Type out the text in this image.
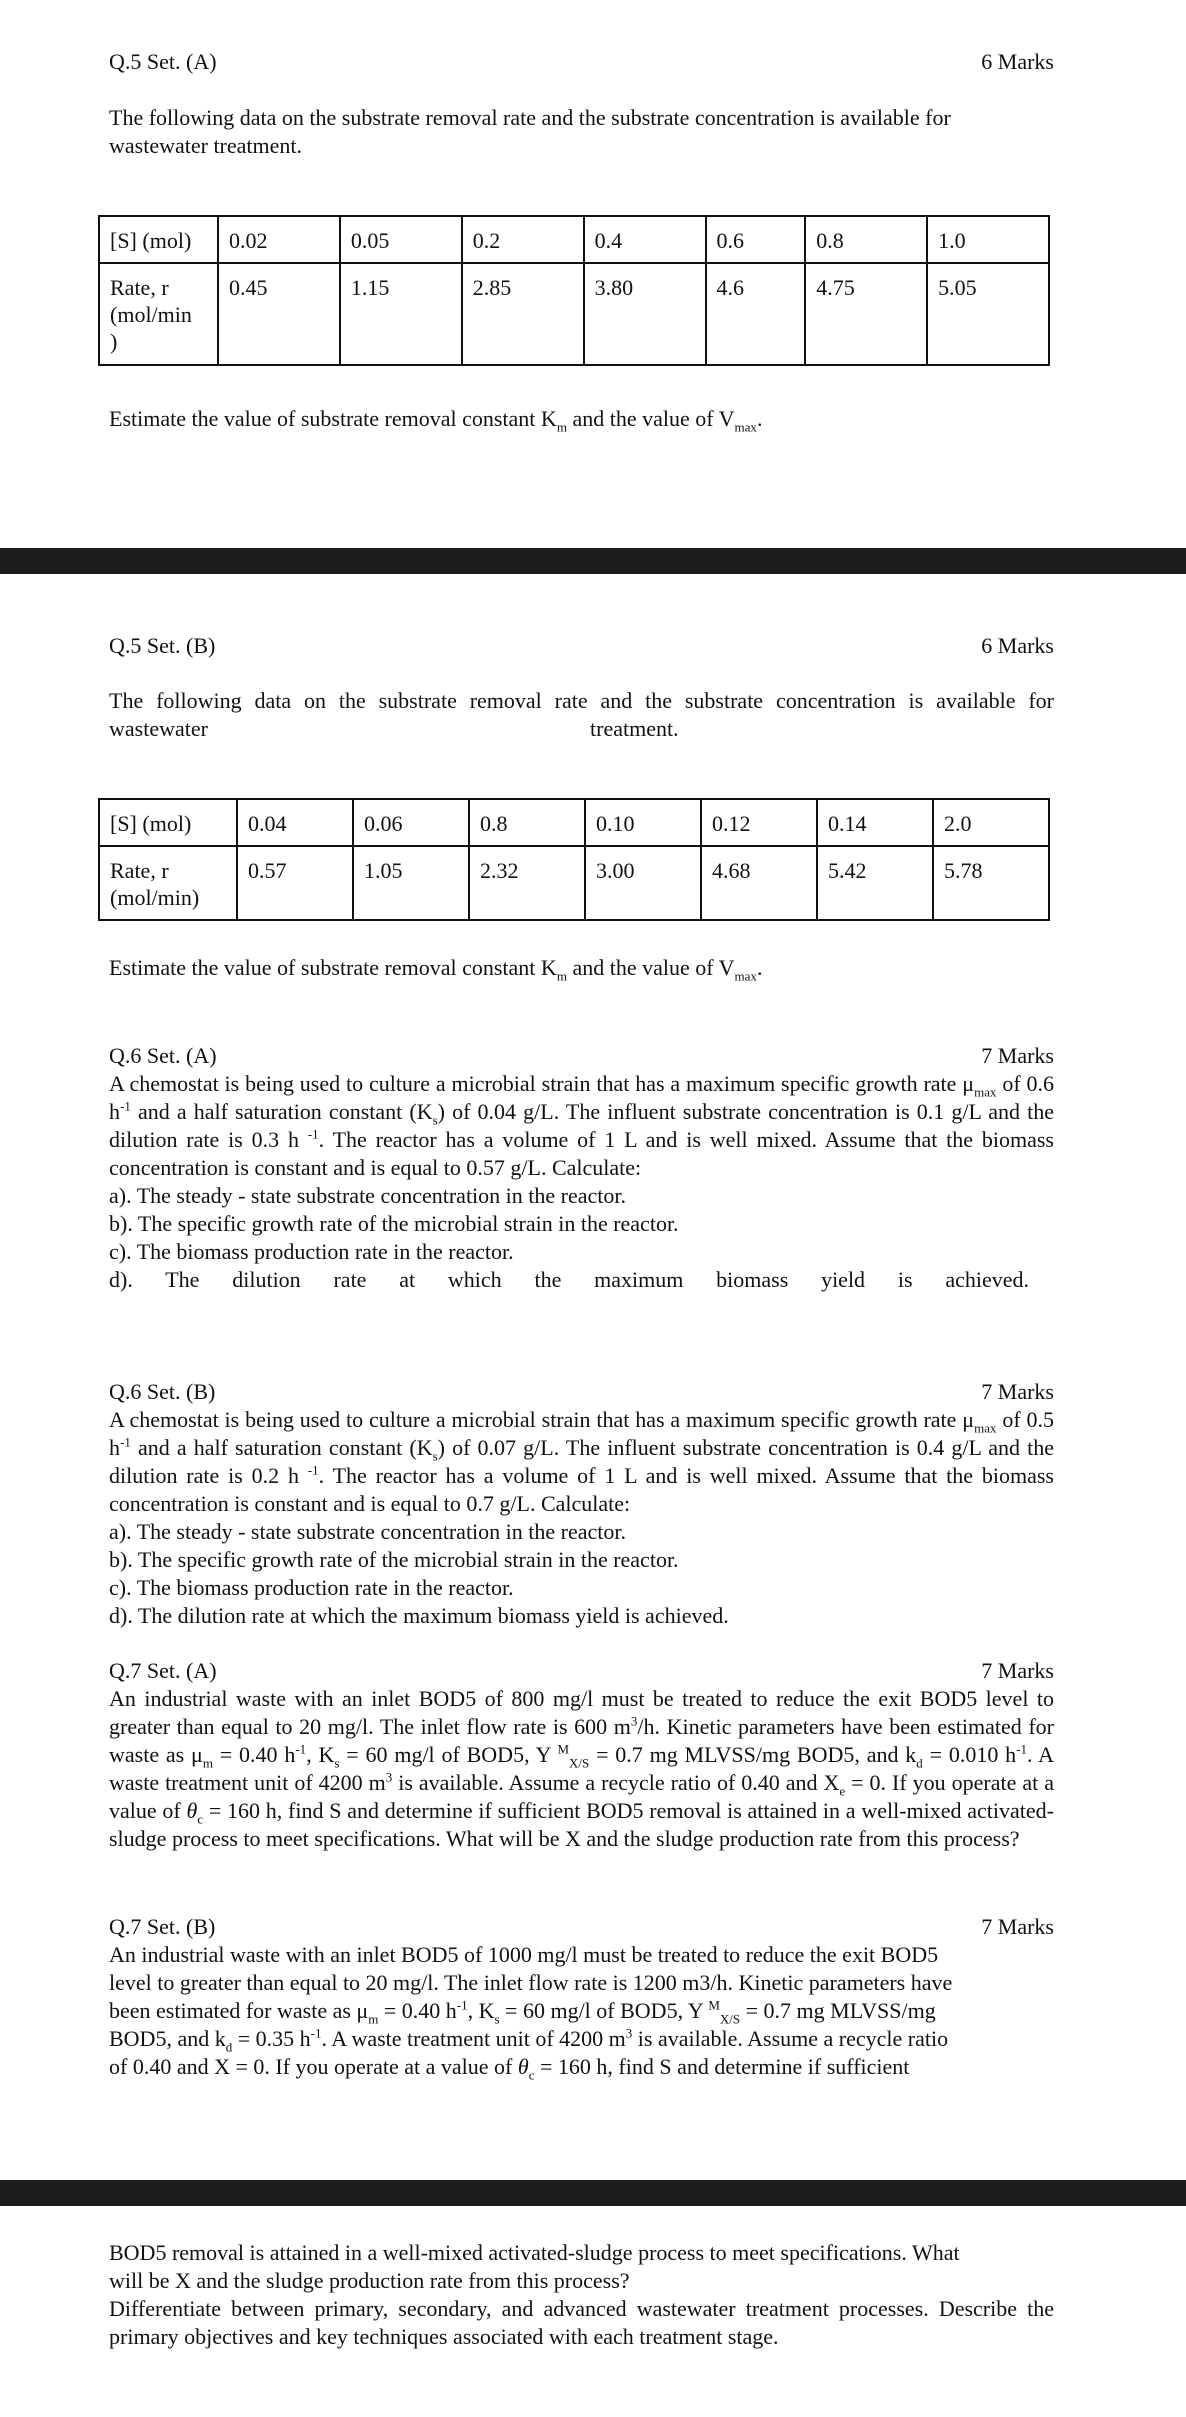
Q.5 Set. (A)	6 Marks
The following data on the substrate removal rate and the substrate concentration is available for wastewater treatment.
[S] (mol)	0.02	0.05	0.2	0.4	0.6	0.8	1.0
Rate, r
(mol/min
)	0.45	1.15	2.85	3.80	4.6	4.75	5.05
Estimate the value of substrate removal constant $K_m$ and the value of $V_{max}$.
Q.5 Set. (B)	6 Marks
The following data on the substrate removal rate and the substrate concentration is available for
wastewater	treatment.
[S] (mol)	0.04	0.06	0.8	0.10	0.12	0.14	2.0
Rate, r
(mol/min)	0.57	1.05	2.32	3.00	4.68	5.42	5.78
Estimate the value of substrate removal constant $K_m$ and the value of $V_{max}$.
Q.6 Set. (A)	7 Marks

A chemostat is being used to culture a microbial strain that has a maximum specific growth rate $\mu_{max}$ of 0.6 $h^{-1}$ and a half saturation constant $(K_s)$ of 0.04 g/L. The influent substrate concentration is 0.1 g/L and the dilution rate is 0.3 h $^{-1}$. The reactor has a volume of 1 L and is well mixed. Assume that the biomass concentration is constant and is equal to 0.57 g/L. Calculate:

a). The steady - state substrate concentration in the reactor.

b). The specific growth rate of the microbial strain in the reactor.

c). The biomass production rate in the reactor.

d). The dilution rate at which the maximum biomass yield is achieved.

Q.6 Set. (B)	7 Marks

A chemostat is being used to culture a microbial strain that has a maximum specific growth rate $\mu_{max}$ of 0.5 $h^{-1}$ and a half saturation constant $(K_s)$ of 0.07 g/L. The influent substrate concentration is 0.4 g/L and the dilution rate is 0.2 h $^{-1}$. The reactor has a volume of 1 L and is well mixed. Assume that the biomass concentration is constant and is equal to 0.7 g/L. Calculate:

a). The steady - state substrate concentration in the reactor.

b). The specific growth rate of the microbial strain in the reactor.

c). The biomass production rate in the reactor.

d). The dilution rate at which the maximum biomass yield is achieved.

Q.7 Set. (A)	7 Marks

An industrial waste with an inlet BOD5 of 800 mg/l must be treated to reduce the exit BOD5 level to greater than equal to 20 mg/l. The inlet flow rate is 600 $m^3/h$. Kinetic parameters have been estimated for waste as $\mu_m = 0.40$ $h^{-1}$, $K_s = 60$ mg/l of BOD5, Y $^M_{X/S}$ = 0.7 mg MLVSS/mg BOD5, and $k_d = 0.010$ $h^{-1}$. A waste treatment unit of 4200 $m^3$ is available. Assume a recycle ratio of 0.40 and $X_e = 0$. If you operate at a value of $\theta_c = 160$ h, find S and determine if sufficient BOD5 removal is attained in a well-mixed activated-sludge process to meet specifications. What will be X and the sludge production rate from this process?

Q.7 Set. (B)	7 Marks

An industrial waste with an inlet BOD5 of 1000 mg/l must be treated to reduce the exit BOD5

level to greater than equal to 20 mg/l. The inlet flow rate is 1200 m3/h. Kinetic parameters have

been estimated for waste as $\mu_m = 0.40$ $h^{-1}$, $K_s = 60$ mg/l of BOD5, Y $^M_{X/S}$ = 0.7 mg MLVSS/mg

BOD5, and $k_d = 0.35$ $h^{-1}$. A waste treatment unit of 4200 $m^3$ is available. Assume a recycle ratio

of 0.40 and X = 0. If you operate at a value of $\theta_c = 160$ h, find S and determine if sufficient

BOD5 removal is attained in a well-mixed activated-sludge process to meet specifications. What

will be X and the sludge production rate from this process?

Differentiate between primary, secondary, and advanced wastewater treatment processes. Describe the primary objectives and key techniques associated with each treatment stage.
